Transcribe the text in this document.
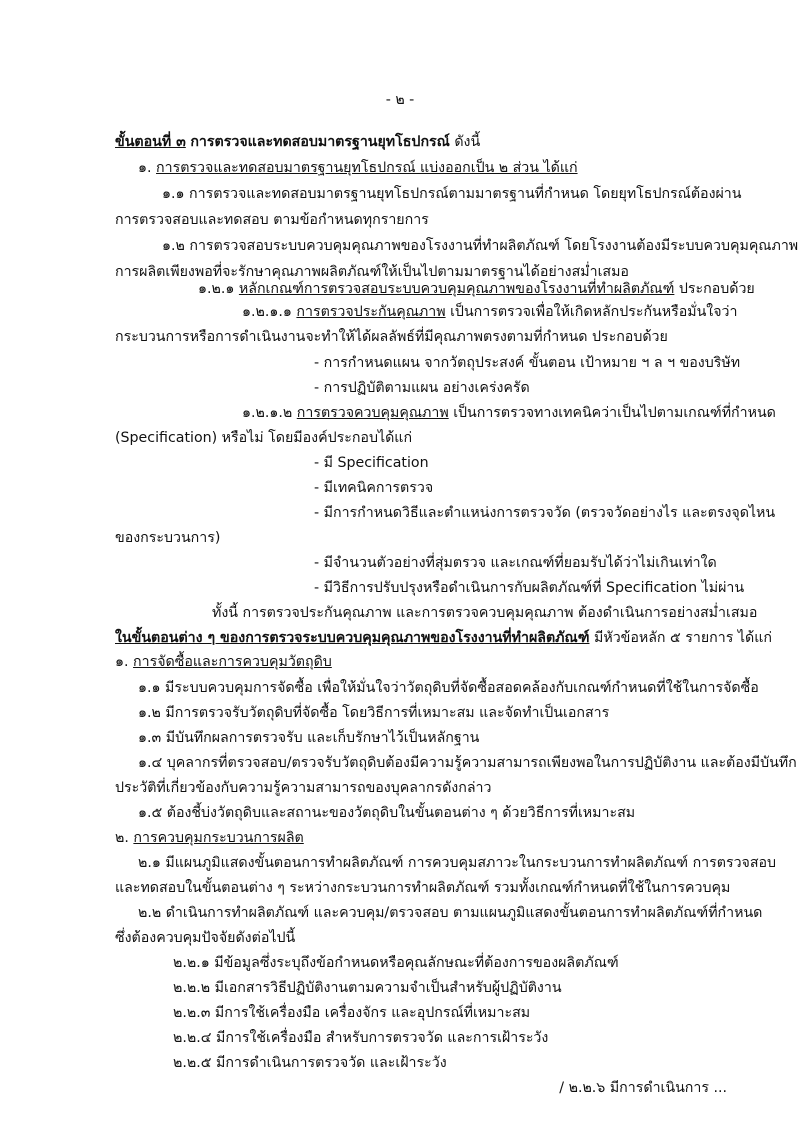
- ๒ -
ขั้นตอนที่ ๓ การตรวจและทดสอบมาตรฐานยุทโธปกรณ์ ดังนี้
๑. การตรวจและทดสอบมาตรฐานยุทโธปกรณ์ แบ่งออกเป็น ๒ ส่วน ได้แก่
๑.๑ การตรวจและทดสอบมาตรฐานยุทโธปกรณ์ตามมาตรฐานที่กำหนด โดยยุทโธปกรณ์ต้องผ่าน
การตรวจสอบและทดสอบ ตามข้อกำหนดทุกรายการ
๑.๒ การตรวจสอบระบบควบคุมคุณภาพของโรงงานที่ทำผลิตภัณฑ์ โดยโรงงานต้องมีระบบควบคุมคุณภาพ
การผลิตเพียงพอที่จะรักษาคุณภาพผลิตภัณฑ์ให้เป็นไปตามมาตรฐานได้อย่างสม่ำเสมอ
๑.๒.๑ หลักเกณฑ์การตรวจสอบระบบควบคุมคุณภาพของโรงงานที่ทำผลิตภัณฑ์ ประกอบด้วย
๑.๒.๑.๑ การตรวจประกันคุณภาพ เป็นการตรวจเพื่อให้เกิดหลักประกันหรือมั่นใจว่า
กระบวนการหรือการดำเนินงานจะทำให้ได้ผลลัพธ์ที่มีคุณภาพตรงตามที่กำหนด ประกอบด้วย
- การกำหนดแผน จากวัตถุประสงค์ ขั้นตอน เป้าหมาย ฯ ล ฯ ของบริษัท
- การปฏิบัติตามแผน อย่างเคร่งครัด
๑.๒.๑.๒ การตรวจควบคุมคุณภาพ เป็นการตรวจทางเทคนิคว่าเป็นไปตามเกณฑ์ที่กำหนด
(Specification) หรือไม่ โดยมีองค์ประกอบได้แก่
- มี Specification
- มีเทคนิคการตรวจ
- มีการกำหนดวิธีและตำแหน่งการตรวจวัด (ตรวจวัดอย่างไร และตรงจุดไหน
ของกระบวนการ)
- มีจำนวนตัวอย่างที่สุ่มตรวจ และเกณฑ์ที่ยอมรับได้ว่าไม่เกินเท่าใด
- มีวิธีการปรับปรุงหรือดำเนินการกับผลิตภัณฑ์ที่ Specification ไม่ผ่าน
ทั้งนี้ การตรวจประกันคุณภาพ และการตรวจควบคุมคุณภาพ ต้องดำเนินการอย่างสม่ำเสมอ
ในขั้นตอนต่าง ๆ ของการตรวจระบบควบคุมคุณภาพของโรงงานที่ทำผลิตภัณฑ์ มีหัวข้อหลัก ๕ รายการ ได้แก่
๑. การจัดซื้อและการควบคุมวัตถุดิบ
๑.๑ มีระบบควบคุมการจัดซื้อ เพื่อให้มั่นใจว่าวัตถุดิบที่จัดซื้อสอดคล้องกับเกณฑ์กำหนดที่ใช้ในการจัดซื้อ
๑.๒ มีการตรวจรับวัตถุดิบที่จัดซื้อ โดยวิธีการที่เหมาะสม และจัดทำเป็นเอกสาร
๑.๓ มีบันทึกผลการตรวจรับ และเก็บรักษาไว้เป็นหลักฐาน
๑.๔ บุคลากรที่ตรวจสอบ/ตรวจรับวัตถุดิบต้องมีความรู้ความสามารถเพียงพอในการปฏิบัติงาน และต้องมีบันทึก
ประวัติที่เกี่ยวข้องกับความรู้ความสามารถของบุคลากรดังกล่าว
๑.๕ ต้องชี้บ่งวัตถุดิบและสถานะของวัตถุดิบในขั้นตอนต่าง ๆ ด้วยวิธีการที่เหมาะสม
๒. การควบคุมกระบวนการผลิต
๒.๑ มีแผนภูมิแสดงขั้นตอนการทำผลิตภัณฑ์ การควบคุมสภาวะในกระบวนการทำผลิตภัณฑ์ การตรวจสอบ
และทดสอบในขั้นตอนต่าง ๆ ระหว่างกระบวนการทำผลิตภัณฑ์ รวมทั้งเกณฑ์กำหนดที่ใช้ในการควบคุม
๒.๒ ดำเนินการทำผลิตภัณฑ์ และควบคุม/ตรวจสอบ ตามแผนภูมิแสดงขั้นตอนการทำผลิตภัณฑ์ที่กำหนด
ซึ่งต้องควบคุมปัจจัยดังต่อไปนี้
๒.๒.๑ มีข้อมูลซึ่งระบุถึงข้อกำหนดหรือคุณลักษณะที่ต้องการของผลิตภัณฑ์
๒.๒.๒ มีเอกสารวิธีปฏิบัติงานตามความจำเป็นสำหรับผู้ปฏิบัติงาน
๒.๒.๓ มีการใช้เครื่องมือ เครื่องจักร และอุปกรณ์ที่เหมาะสม
๒.๒.๔ มีการใช้เครื่องมือ สำหรับการตรวจวัด และการเฝ้าระวัง
๒.๒.๕ มีการดำเนินการตรวจวัด และเฝ้าระวัง
/ ๒.๒.๖ มีการดำเนินการ ...
